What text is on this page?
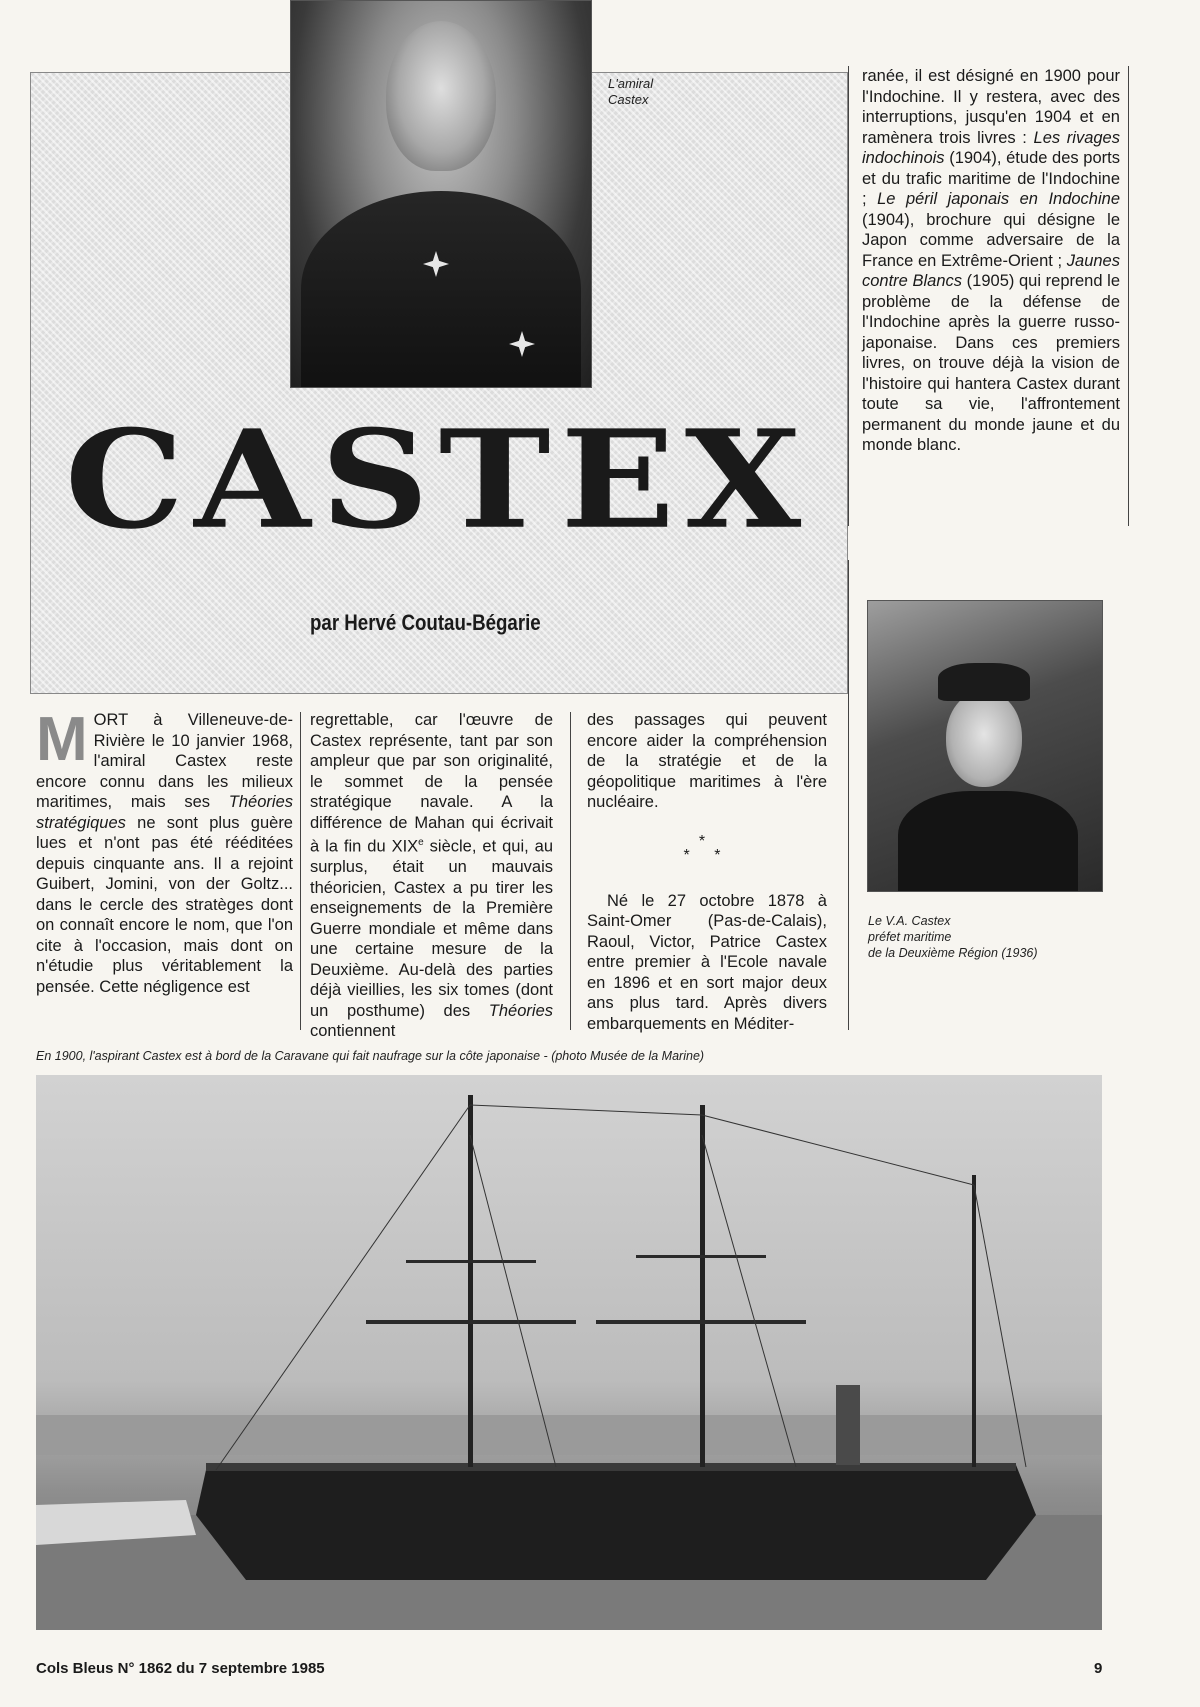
L'amiral
Castex
CASTEX
par Hervé Coutau-Bégarie

ranée, il est désigné en 1900 pour l'Indochine. Il y restera, avec des interruptions, jusqu'en 1904 et en ramènera trois livres : Les rivages indochinois (1904), étude des ports et du trafic maritime de l'Indochine ; Le péril japonais en Indochine (1904), brochure qui désigne le Japon comme adversaire de la France en Extrême-Orient ; Jaunes contre Blancs (1905) qui reprend le problème de la défense de l'Indochine après la guerre russo-japonaise. Dans ces premiers livres, on trouve déjà la vision de l'histoire qui hantera Castex durant toute sa vie, l'affrontement permanent du monde jaune et du monde blanc.

MORT à Villeneuve-de-Rivière le 10 janvier 1968, l'amiral Castex reste encore connu dans les milieux maritimes, mais ses Théories stratégiques ne sont plus guère lues et n'ont pas été rééditées depuis cinquante ans. Il a rejoint Guibert, Jomini, von der Goltz... dans le cercle des stratèges dont on connaît encore le nom, que l'on cite à l'occasion, mais dont on n'étudie plus véritablement la pensée. Cette négligence est

regrettable, car l'œuvre de Castex représente, tant par son ampleur que par son originalité, le sommet de la pensée stratégique navale. A la différence de Mahan qui écrivait à la fin du XIXe siècle, et qui, au surplus, était un mauvais théoricien, Castex a pu tirer les enseignements de la Première Guerre mondiale et même dans une certaine mesure de la Deuxième. Au-delà des parties déjà vieillies, les six tomes (dont un posthume) des Théories contiennent

des passages qui peuvent encore aider la compréhension de la stratégie et de la géopolitique maritimes à l'ère nucléaire.

*
* *

Né le 27 octobre 1878 à Saint-Omer (Pas-de-Calais), Raoul, Victor, Patrice Castex entre premier à l'Ecole navale en 1896 et en sort major deux ans plus tard. Après divers embarquements en Méditer-

Le V.A. Castex
préfet maritime
de la Deuxième Région (1936)
En 1900, l'aspirant Castex est à bord de la Caravane qui fait naufrage sur la côte japonaise - (photo Musée de la Marine)
Cols Bleus N° 1862 du 7 septembre 1985	9
